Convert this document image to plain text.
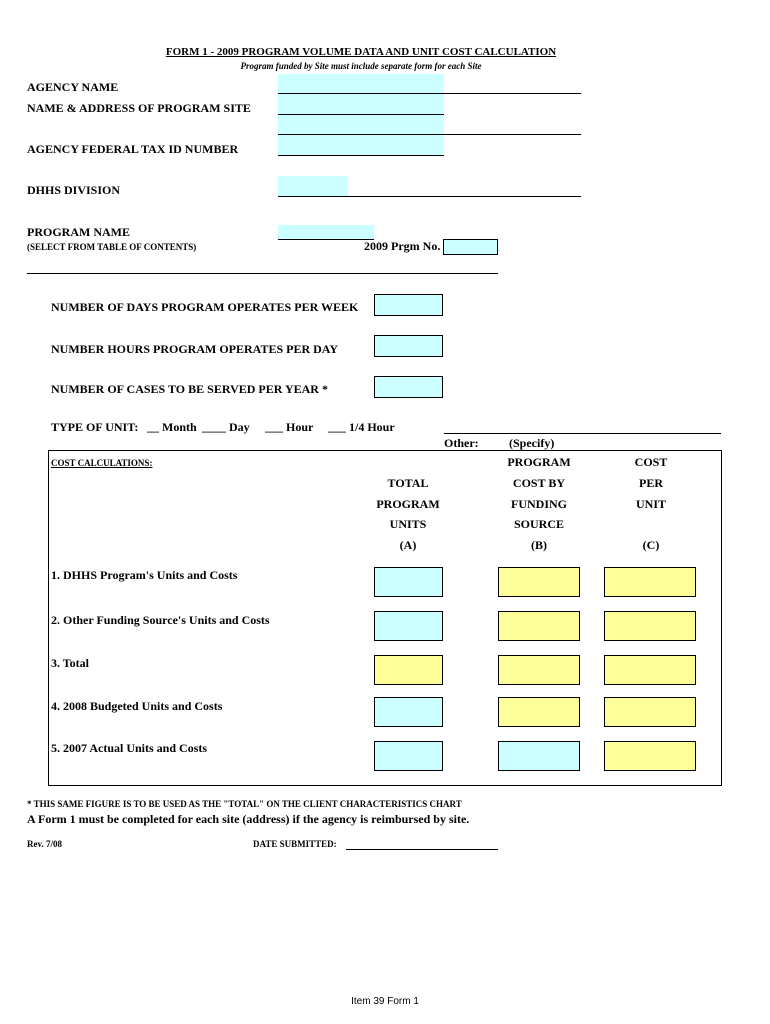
FORM 1 - 2009 PROGRAM VOLUME DATA AND UNIT COST CALCULATION
Program funded by Site must include separate form for each Site
AGENCY NAME
NAME & ADDRESS OF PROGRAM SITE
AGENCY FEDERAL TAX ID NUMBER
DHHS DIVISION
PROGRAM NAME
(SELECT FROM TABLE OF CONTENTS)	2009 Prgm No.
NUMBER OF DAYS PROGRAM OPERATES PER WEEK
NUMBER HOURS PROGRAM OPERATES PER DAY
NUMBER OF CASES TO BE SERVED PER YEAR *
TYPE OF UNIT: __ Month ____ Day ___ Hour ___ 1/4 Hour
Other:	(Specify)
COST CALCULATIONS:
TOTAL
PROGRAM
UNITS
(A)
PROGRAM
COST BY
FUNDING
SOURCE
(B)
COST
PER
UNIT
(C)
1. DHHS Program's Units and Costs
2. Other Funding Source's Units and Costs
3. Total
4. 2008 Budgeted Units and Costs
5. 2007 Actual Units and Costs
* THIS SAME FIGURE IS TO BE USED AS THE "TOTAL" ON THE CLIENT CHARACTERISTICS CHART
A Form 1 must be completed for each site (address) if the agency is reimbursed by site.
Rev. 7/08	DATE SUBMITTED:
Item 39 Form 1
